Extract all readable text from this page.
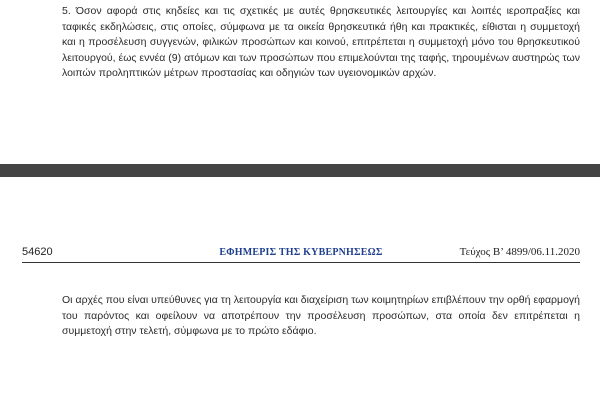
5. Όσον αφορά στις κηδείες και τις σχετικές με αυτές θρησκευτικές λειτουργίες και λοιπές ιεροπραξίες και ταφικές εκδηλώσεις, στις οποίες, σύμφωνα με τα οικεία θρησκευτικά ήθη και πρακτικές, είθισται η συμμετοχή και η προσέλευση συγγενών, φιλικών προσώπων και κοινού, επιτρέπεται η συμμετοχή μόνο του θρησκευτικού λειτουργού, έως εννέα (9) ατόμων και των προσώπων που επιμελούνται της ταφής, τηρουμένων αυστηρώς των λοιπών προληπτικών μέτρων προστασίας και οδηγιών των υγειονομικών αρχών.

54620	ΕΦΗΜΕΡΙΣ ΤΗΣ ΚΥΒΕΡΝΗΣΕΩΣ	Τεύχος Β’ 4899/06.11.2020

Οι αρχές που είναι υπεύθυνες για τη λειτουργία και διαχείριση των κοιμητηρίων επιβλέπουν την ορθή εφαρμογή του παρόντος και οφείλουν να αποτρέπουν την προσέλευση προσώπων, στα οποία δεν επιτρέπεται η συμμετοχή στην τελετή, σύμφωνα με το πρώτο εδάφιο.
